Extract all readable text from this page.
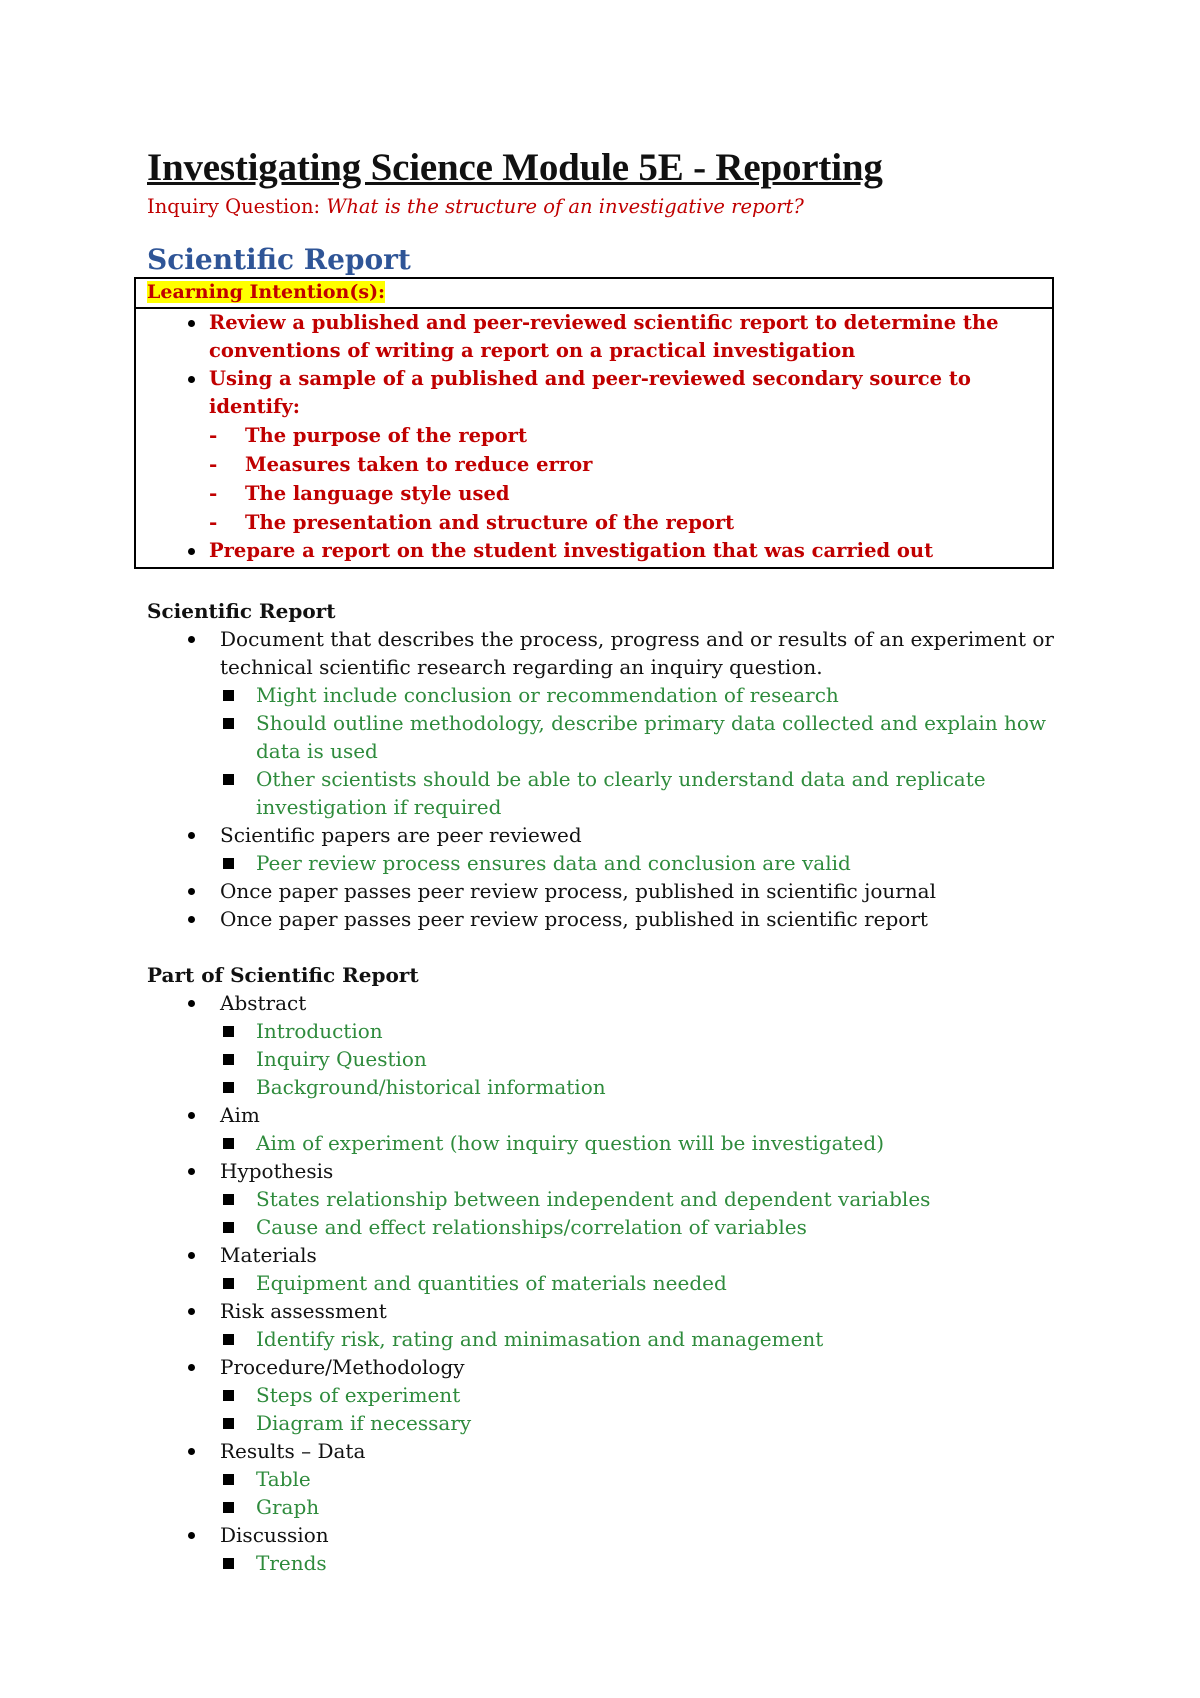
Investigating Science Module 5E - Reporting

Inquiry Question: What is the structure of an investigative report?

Scientific Report
Learning Intention(s):
Review a published and peer-reviewed scientific report to determine the conventions of writing a report on a practical investigation
Using a sample of a published and peer-reviewed secondary source to identify:
- The purpose of the report
- Measures taken to reduce error
- The language style used
- The presentation and structure of the report
Prepare a report on the student investigation that was carried out
Scientific Report
Document that describes the process, progress and or results of an experiment or technical scientific research regarding an inquiry question.
Might include conclusion or recommendation of research
Should outline methodology, describe primary data collected and explain how data is used
Other scientists should be able to clearly understand data and replicate investigation if required
Scientific papers are peer reviewed
Peer review process ensures data and conclusion are valid
Once paper passes peer review process, published in scientific journal
Once paper passes peer review process, published in scientific report
Part of Scientific Report
Abstract
Introduction
Inquiry Question
Background/historical information
Aim
Aim of experiment (how inquiry question will be investigated)
Hypothesis
States relationship between independent and dependent variables
Cause and effect relationships/correlation of variables
Materials
Equipment and quantities of materials needed
Risk assessment
Identify risk, rating and minimasation and management
Procedure/Methodology
Steps of experiment
Diagram if necessary
Results – Data
Table
Graph
Discussion
Trends
